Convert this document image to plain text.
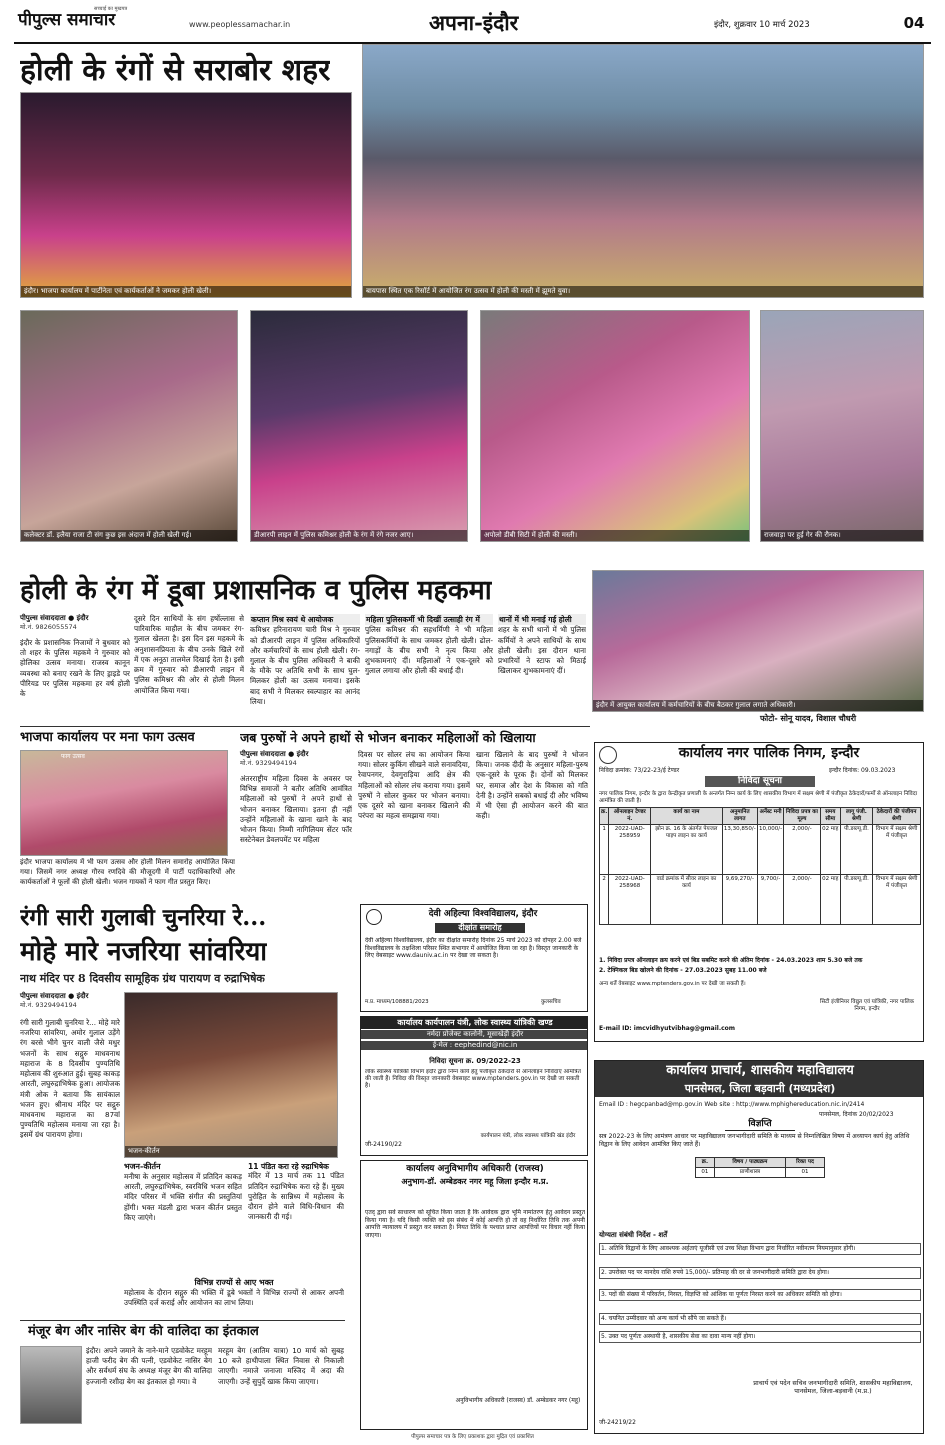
पीपुल्स समाचार
सच्चाई का मुखपत्र
www.peoplessamachar.in	अपना-इंदौर	इंदौर, शुक्रवार 10 मार्च 2023	04
होली के रंगों से सराबोर शहर
इंदौर। भाजपा कार्यालय में पार्टीनेता एवं कार्यकर्ताओं ने जमकर होली खेली।	बायपास स्थित एक रिसॉर्ट में आयोजित रंग उत्सव में होली की मस्ती में झूमते युवा।
कलेक्टर डॉ. इलैया राजा टी संग कुछ इस अंदाज में होली खेली गई।	डीआरपी लाइन में पुलिस कमिश्नर होली के रंग में रंगे नजर आए।	अपोलो डीबी सिटी में होली की मस्ती।	राजवाड़ा पर हुई गेर की रौनक।
होली के रंग में डूबा प्रशासनिक व पुलिस महकमा
पीपुल्स संवाददाता ● इंदौर
मो.नं. 9826055574
इंदौर के प्रशासनिक निजामों ने बुधवार को तो शहर के पुलिस महकमे ने गुरुवार को होलिका उत्सव मनाया। राजस्व कानून व्यवस्था को बनाए रखने के लिए ड्राइडे पर पीरियड पर पुलिस महकमा हर वर्ष होली के
दूसरे दिन साथियों के संग हर्षोल्लास से पारिवारिक माहौल के बीच जमकर रंग-गुलाल खेलता है। इस दिन इस महकमे के अनुशासनप्रियता के बीच उनके खिले रंगों में एक अनूठा तालमेल दिखाई देता है। इसी क्रम में गुरुवार को डीआरपी लाइन में पुलिस कमिश्नर की ओर से होली मिलन आयोजित किया गया।
कप्तान मिश्र स्वयं थे आयोजक
कमिश्नर हरिनारायण चारी मिश्र ने गुरुवार को डीआरपी लाइन में पुलिस अधिकारियों और कर्मचारियों के साथ होली खेली। रंग-गुलाल के बीच पुलिस अधिकारी ने बाकी के मौके पर अतिथि सभी के साथ घुल-मिलकर होली का उत्सव मनाया। इसके बाद सभी ने मिलकर स्वल्पाहार का आनंद लिया।
महिला पुलिसकर्मी भी दिखीं उत्साही रंग में
पुलिस कमिश्नर की सहधर्मिणी ने भी महिला पुलिसकर्मियों के साथ जमकर होली खेली। ढोल-नगाड़ों के बीच सभी ने नृत्य किया और शुभकामनाएं दीं। महिलाओं ने एक-दूसरे को गुलाल लगाया और होली की बधाई दी।
थानों में भी मनाई गई होली
शहर के सभी थानों में भी पुलिस कर्मियों ने अपने साथियों के साथ होली खेली। इस दौरान थाना प्रभारियों ने स्टाफ को मिठाई खिलाकर शुभकामनाएं दीं।
इंदौर में आयुक्त कार्यालय में कर्मचारियों के बीच बैठकर गुलाल लगाते अधिकारी।
फोटो- सोनू यादव, विशाल चौधरी
भाजपा कार्यालय पर मना फाग उत्सव
फाग उत्सव
इंदौर भाजपा कार्यालय में भी फाग उत्सव और होली मिलन समारोह आयोजित किया गया। जिसमें नगर अध्यक्ष गौरव रणदिवे की मौजूदगी में पार्टी पदाधिकारियों और कार्यकर्ताओं ने फूलों की होली खेली। भजन गायकों ने फाग गीत प्रस्तुत किए।
जब पुरुषों ने अपने हाथों से भोजन बनाकर महिलाओं को खिलाया
पीपुल्स संवाददाता ● इंदौर
मो.नं. 9329494194
अंतरराष्ट्रीय महिला दिवस के अवसर पर विभिन्न समाजों ने बतौर अतिथि आमंत्रित महिलाओं को पुरुषों ने अपने हाथों से भोजन बनाकर खिलाया। इतना ही नहीं उन्होंने महिलाओं के खाना खाने के बाद भोजन किया। निम्मी नागिलियम सेंटर फॉर सस्टेनेबल डेवलपमेंट पर महिला
दिवस पर सोलर लंच का आयोजन किया गया। सोलर कुकिंग सीखने वाले सनावदिया, रेवापनगर, देवगुराड़िया आदि क्षेत्र की महिलाओं को सोलर लंच कराया गया। इसमें पुरुषों ने सोलर कुकर पर भोजन बनाया। एक दूसरे को खाना बनाकर खिलाने की परंपरा का महत्व समझाया गया।
खाना खिलाने के बाद पुरुषों ने भोजन किया। जनक दीदी के अनुसार महिला-पुरुष एक-दूसरे के पूरक हैं। दोनों को मिलकर घर, समाज और देश के विकास को गति देनी है। उन्होंने सबको बधाई दी और भविष्य में भी ऐसा ही आयोजन करने की बात कही।
रंगी सारी गुलाबी चुनरिया रे...
मोहे मारे नजरिया सांवरिया
नाथ मंदिर पर 8 दिवसीय सामूहिक ग्रंथ पारायण व रुद्राभिषेक
पीपुल्स संवाददाता ● इंदौर
मो.नं. 9329494194
रंगी सारी गुलाबी चुनरिया रे... मोहे मारे नजरिया सांवरिया, अमोर गुलाल उड़ेंगे रंग बरसे भीगे चुनर वाली जैसे मधुर भजनों के साथ सद्गुरु माधवनाथ महाराज के 8 दिवसीय पुण्यतिथि महोत्सव की शुरुआत हुई। सुबह काकड़ आरती, लघुरुद्राभिषेक हुआ। आयोजक मंत्री ओक ने बताया कि सायंकाल भजन हुए। श्रीनाथ मंदिर पर सद्गुरु माधवनाथ महाराज का 87वां पुण्यतिथि महोत्सव मनाया जा रहा है। इसमें ग्रंथ पारायण होगा।
भजन-कीर्तन
भजन-कीर्तन
मनीषा के अनुसार महोत्सव में प्रतिदिन काकड़ आरती, लघुरुद्राभिषेक, स्वरविधि भजन सहित मंदिर परिसर में भक्ति संगीत की प्रस्तुतियां होंगी। भक्त मंडली द्वारा भजन कीर्तन प्रस्तुत किए जाएंगे।
11 पंडित करा रहे रुद्राभिषेक
मंदिर में 13 मार्च तक 11 पंडित प्रतिदिन रुद्राभिषेक करा रहे हैं। मुख्य पुरोहित के सान्निध्य में महोत्सव के दौरान होने वाले विधि-विधान की जानकारी दी गई।
विभिन्न राज्यों से आए भक्त
महोत्सव के दौरान सद्गुरु की भक्ति में डूबे भक्तों ने विभिन्न राज्यों से आकर अपनी उपस्थिति दर्ज कराई और आयोजन का लाभ लिया।
मंजूर बेग और नासिर बेग की वालिदा का इंतकाल
इंदौर। अपने जमाने के नाने-माने एडवोकेट मरहूम हाजी फरीद बेग की पत्नी, एडवोकेट नासिर बेग और सर्वधर्म संघ के अध्यक्ष मंजूर बेग की वालिदा हज्जानी रशीदा बेग का इंतकाल हो गया। वे
मरहूम बेग (आतिम यात्रा) 10 मार्च को सुबह 10 बजे हाथीपाला स्थित निवास से निकाली जाएगी। नमाजे जनाजा मस्जिद में अदा की जाएगी। उन्हें सुपुर्दे खाक किया जाएगा।
कार्यालय नगर पालिक निगम, इन्दौर
निविदा क्रमांक: 73/22-23/ई टेण्डर	इन्दौर दिनांक: 09.03.2023
निविदा सूचना
नगर पालिक निगम, इन्दौर के द्वारा केन्द्रीकृत प्रणाली के अन्तर्गत निम्न कार्य के लिए शासकीय विभाग में सक्षम श्रेणी में पंजीकृत ठेकेदारों/फर्मों से ऑनलाइन निविदा आमंत्रित की जाती है।
क्र.	ऑनलाइन टेण्डर नं.	कार्य का नाम	अनुमानित लागत	अर्नेस्ट मनी	निविदा प्रपत्र का मूल्य	समय सीमा	लागू पंजी. श्रेणी	ठेकेदारों की पंजीयन श्रेणी
1	2022-UAD-258959	झोन क्र. 16 के अंतर्गत पेयजल पाइप लाइन का कार्य	13,30,850/-	10,000/-	2,000/-	02 माह	पी.डब्ल्यू.डी.	विभाग में सक्षम श्रेणी में पंजीकृत
2	2022-UAD-258968	वार्ड क्रमांक में सीवर लाइन का कार्य	9,69,270/-	9,700/-	2,000/-	02 माह	पी.डब्ल्यू.डी.	विभाग में सक्षम श्रेणी में पंजीकृत
1. निविदा प्रपत्र ऑनलाइन क्रय करने एवं बिड सबमिट करने की अंतिम दिनांक - 24.03.2023 शाम 5.30 बजे तक
2. टेक्निकल बिड खोलने की दिनांक - 27.03.2023 सुबह 11.00 बजे
अन्य शर्तें वेबसाइट www.mptenders.gov.in पर देखी जा सकती हैं।
E-mail ID: imcvidhyutvibhag@gmail.com
सिटी इंजीनियर विद्युत एवं यांत्रिकी, नगर पालिक निगम, इन्दौर
देवी अहिल्या विश्वविद्यालय, इंदौर
दीक्षांत समारोह
देवी अहिल्या विश्वविद्यालय, इंदौर का दीक्षांत समारोह दिनांक 25 मार्च 2023 को दोपहर 2.00 बजे विश्वविद्यालय के तक्षशिला परिसर स्थित सभागार में आयोजित किया जा रहा है। विस्तृत जानकारी के लिए वेबसाइट www.dauniv.ac.in पर देखा जा सकता है।
म.प्र. माध्यम/108881/2023	कुलसचिव
कार्यालय कार्यपालन यंत्री, लोक स्वास्थ्य यांत्रिकी खण्ड
नर्मदा प्रोजेक्ट कालोनी, मूसाखेड़ी इंदौर
ई-मेल : eephedind@nic.in
निविदा सूचना क्र. 09/2022-23
लोक स्वास्थ्य यांत्रिकी विभाग इंदौर द्वारा निम्न कार्य हेतु पंजीकृत ठेकेदारों से ऑनलाइन निविदाएं आमंत्रित की जाती हैं। निविदा की विस्तृत जानकारी वेबसाइट www.mptenders.gov.in पर देखी जा सकती है।
जी-24190/22
कार्यपालन यंत्री, लोक स्वास्थ्य यांत्रिकी खंड इंदौर
कार्यालय अनुविभागीय अधिकारी (राजस्व)
अनुभाग-डॉ. अम्बेडकर नगर महू जिला इन्दौर म.प्र.
एतद् द्वारा सर्व साधारण को सूचित किया जाता है कि आवेदक द्वारा भूमि नामांतरण हेतु आवेदन प्रस्तुत किया गया है। यदि किसी व्यक्ति को इस संबंध में कोई आपत्ति हो तो वह निर्धारित तिथि तक अपनी आपत्ति न्यायालय में प्रस्तुत कर सकता है। नियत तिथि के पश्चात प्राप्त आपत्तियों पर विचार नहीं किया जाएगा।
अनुविभागीय अधिकारी (राजस्व) डॉ. अम्बेडकर नगर (महू)
कार्यालय प्राचार्य, शासकीय महाविद्यालय
पानसेमल, जिला बड़वानी (मध्यप्रदेश)
Email ID : hegcpanbad@mp.gov.in Web site : http://www.mphighereducation.nic.in/2414
पानसेमल, दिनांक 20/02/2023
विज्ञप्ति
सत्र 2022-23 के लिए आमंत्रण आधार पर महाविद्यालय जनभागीदारी समिति के माध्यम से निम्नलिखित विषय में अध्यापन कार्य हेतु अतिथि विद्वान के लिए आवेदन आमंत्रित किए जाते हैं।
क्र.	विषय / पाठ्यक्रम	रिक्त पद
01	प्राणीशास्त्र	01
योग्यता संबंधी निर्देश - शर्तें
1. अतिथि विद्वानों के लिए आवश्यक अर्हताएं यूजीसी एवं उच्च शिक्षा विभाग द्वारा निर्धारित नवीनतम नियमानुसार होंगी।
2. उपरोक्त पद पर मानदेय राशि रुपये 15,000/- प्रतिमाह की दर से जनभागीदारी समिति द्वारा देय होगा।
3. पदों की संख्या में परिवर्तन, निरस्त, विज्ञप्ति को आंशिक या पूर्णतः निरस्त करने का अधिकार समिति को होगा।
4. चयनित उम्मीदवार को अन्य कार्य भी सौंपे जा सकते हैं।
5. उक्त पद पूर्णतः अस्थायी है, शासकीय सेवा का दावा मान्य नहीं होगा।
प्राचार्य एवं पदेन सचिव जनभागीदारी समिति, शासकीय महाविद्यालय, पानसेमल, जिला-बड़वानी (म.प्र.)
जी-24219/22
पीपुल्स समाचार पत्र के लिए प्रकाशक द्वारा मुद्रित एवं प्रकाशित
